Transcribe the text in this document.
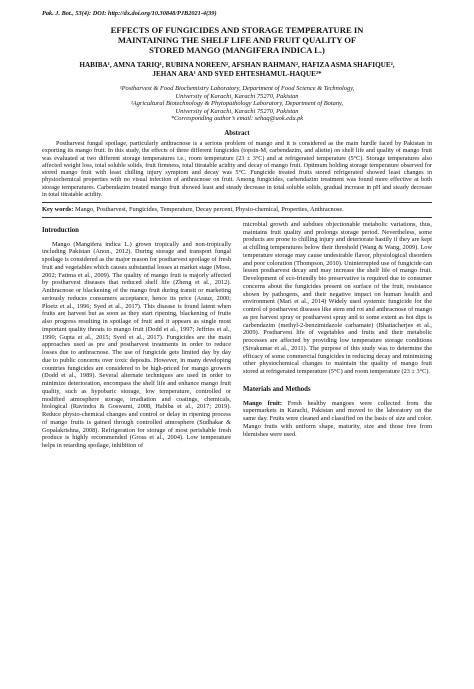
Pak. J. Bot., 53(4): DOI: http://dx.doi.org/10.30848/PJB2021-4(39)
EFFECTS OF FUNGICIDES AND STORAGE TEMPERATURE IN
MAINTAINING THE SHELF LIFE AND FRUIT QUALITY OF
STORED MANGO (MANGIFERA INDICA L.)
HABIBA¹, AMNA TARIQ¹, RUBINA NOREEN², AFSHAN RAHMAN², HAFIZA ASMA SHAFIQUE²,
JEHAN ARA¹ AND SYED EHTESHAMUL-HAQUE²*
¹Postharvest & Food Biochemistry Laboratory, Department of Food Science & Technology,
University of Karachi, Karachi 75270, Pakistan
²Agricultural Biotechnology & Phytopathology Laboratory, Department of Botany,
University of Karachi, Karachi 75270, Pakistan
*Corresponding author’s email: sehaq@uok.edu.pk
Abstract

Postharvest fungal spoilage, particularly anthracnose is a serious problem of mango and it is considered as the main hurdle faced by Pakistan in exporting its mango fruit. In this study, the effects of three different fungicides (topsin-M, carbendazim, and aliette) on shelf life and quality of mango fruit was evaluated at two different storage temperatures i.e., room temperature (23 ± 3°C) and at refrigerated temperature (5°C). Storage temperatures also affected weight loss, total soluble solids, fruit firmness, total titratable acidity and decay of mango fruit. Optimum holding storage temperature observed for stored mango fruit with least chilling injury symptom and decay was 5°C. Fungicide treated fruits stored refrigerated showed least changes in physiochemical properties with no visual infection of anthracnose on fruit. Among fungicides, carbendazim treatment was found more effective at both storage temperatures. Carbendazim treated mango fruit showed least and steady decrease in total soluble solids, gradual increase in pH and steady decrease in total titratable acidity.

Key words: Mango, Postharvest, Fungicides, Temperature, Decay percent, Physio-chemical, Properties, Anthracnose.
Introduction

Mango (Mangifera indica L.) grown tropically and non-tropically including Pakistan (Anon., 2012). During storage and transport fungal spoilage is considered as the major reason for postharvest spoilage of fresh fruit and vegetables which causes substantial losses at market stage (Moss, 2002; Fatima et al., 2009). The quality of mango fruit is majorly affected by postharvest diseases that reduced shelf life (Zheng et al., 2012). Anthracnose or blackening of the mango fruit during transit or marketing seriously reduces consumers acceptance, hence its price (Arauz, 2000; Ploetz et al., 1996; Syed et al., 2017). This disease is found latent when fruits are harvest but as soon as they start ripening, blackening of fruits also progress resulting in spoilage of fruit and it appears as single most important quality threats to mango fruit (Dodd et al., 1997; Jeffries et al., 1990; Gupta et al., 2015; Syed et al., 2017). Fungicides are the main approaches used as pre and postharvest treatments in order to reduce losses due to anthracnose. The use of fungicide gets limited day by day due to public concerns over toxic deposits. However, in many developing countries fungicides are considered to be high-priced for mango growers (Dodd et al., 1989). Several alternate techniques are used in order to minimize deterioration, encompass the shelf life and enhance mango fruit quality, such as hypobaric storage, low temperature, controlled or modified atmosphere storage, irradiation and coatings, chemicals, biological (Ravindra & Goswami, 2008, Habiba et al., 2017; 2019). Reduce physio-chemical changes and control or delay in ripening process of mango fruits is gained through controlled atmosphere (Sudhakar & Gopalakrishna, 2008). Refrigeration for storage of most perishable fresh produce is highly recommended (Gross et al., 2004). Low temperature helps in retarding spoilage, inhibition of

microbial growth and subdues objectionable metabolic variations, thus, maintains fruit quality and prolongs storage period. Nevertheless, some products are prone to chilling injury and deteriorate hastily if they are kept at chilling temperatures below their threshold (Wang & Wang, 2009). Low temperature storage may cause undesirable flavor, physiological disorders and poor coloration (Thompson, 2010). Uninterrupted use of fungicide can lessen postharvest decay and may increase the shelf life of mango fruit. Development of eco-friendly bio preservative is required due to consumer concerns about the fungicides present on surface of the fruit, resistance shown by pathogens, and their negative impact on human health and environment (Mari et al., 2014) Widely used systemic fungicide for the control of postharvest diseases like stem end rot and anthracnose of mango as pre harvest spray or postharvest spray and to some extent as hot dips is carbendazim (methyl-2-benzimidazole carbamate) (Bhattacherjee et al., 2009). Postharvest life of vegetables and fruits and their metabolic processes are affected by providing low temperature storage conditions (Sivakumar et al., 2011). The purpose of this study was to determine the efficacy of some commercial fungicides in reducing decay and minimizing other physiochemical changes to maintain the quality of mango fruit stored at refrigerated temperature (5°C) and room temperature (23 ± 3°C).

Materials and Methods

Mango fruit: Fresh healthy mangoes were collected from the supermarkets in Karachi, Pakistan and moved to the laboratory on the same day. Fruits were cleaned and classified on the basis of size and color. Mango fruits with uniform shape, maturity, size and those free from blemishes were used.
